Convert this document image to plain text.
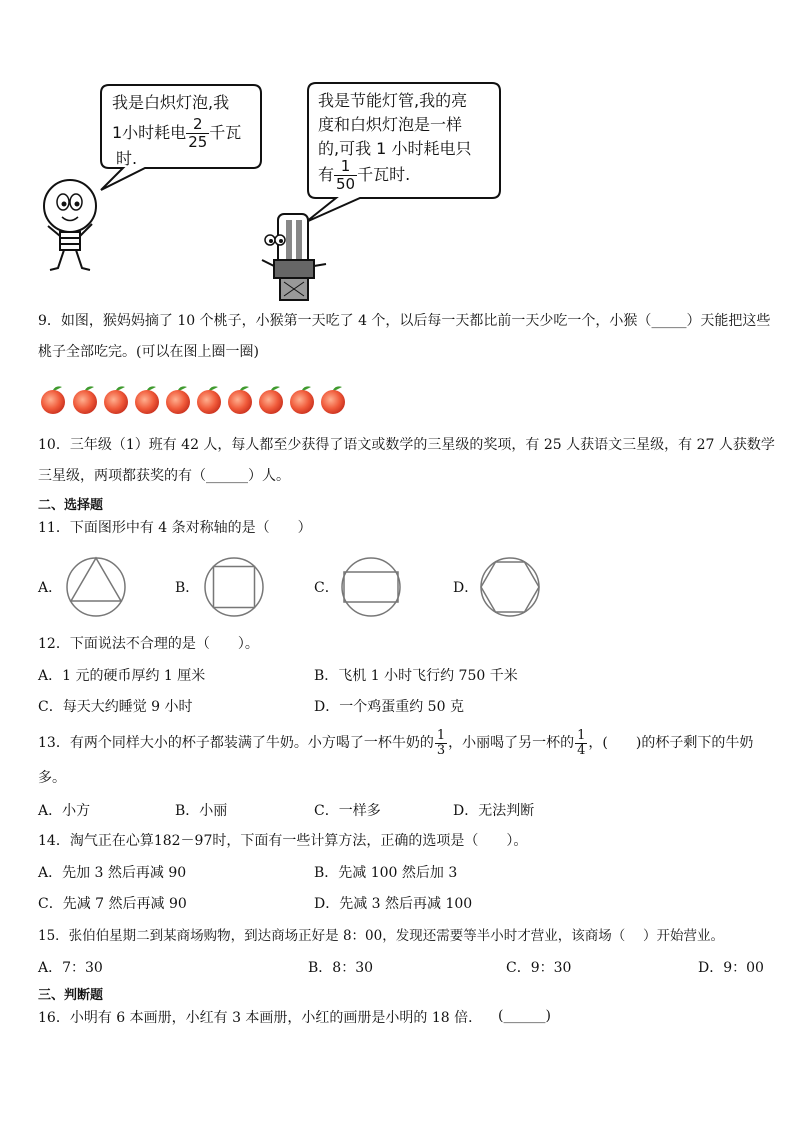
我是白炽灯泡,我
1小时耗电 $\frac{2}{25}$ 千瓦
时.
我是节能灯管,我的亮
度和白炽灯泡是一样
的,可我 1 小时耗电只
有 $\frac{1}{50}$ 千瓦时.
9．如图，猴妈妈摘了 10 个桃子，小猴第一天吃了 4 个，以后每一天都比前一天少吃一个，小猴（_____）天能把这些
桃子全部吃完。(可以在图上圈一圈)
10．三年级（1）班有 42 人，每人都至少获得了语文或数学的三星级的奖项，有 25 人获语文三星级，有 27 人获数学
三星级，两项都获奖的有（______）人。
二、选择题
11．下面图形中有 4 条对称轴的是（　　）
A．	B．	C．	D．
12．下面说法不合理的是（　　）。
A．1 元的硬币厚约 1 厘米	B．飞机 1 小时飞行约 750 千米
C．每天大约睡觉 9 小时	D．一个鸡蛋重约 50 克
13．有两个同样大小的杯子都装满了牛奶。小方喝了一杯牛奶的 $\frac{1}{3}$ ，小丽喝了另一杯的 $\frac{1}{4}$ ，(　　)的杯子剩下的牛奶
多。
A．小方	B．小丽	C．一样多	D．无法判断
14．淘气正在心算182－97时，下面有一些计算方法，正确的选项是（　　）。
A．先加 3 然后再减 90	B．先减 100 然后加 3
C．先减 7 然后再减 90	D．先减 3 然后再减 100
15．张伯伯星期二到某商场购物，到达商场正好是 8：00，发现还需要等半小时才营业，该商场（　 ）开始营业。
A．7：30	B．8：30	C．9：30	D．9：00
三、判断题
16．小明有 6 本画册，小红有 3 本画册，小红的画册是小明的 18 倍． (______)
